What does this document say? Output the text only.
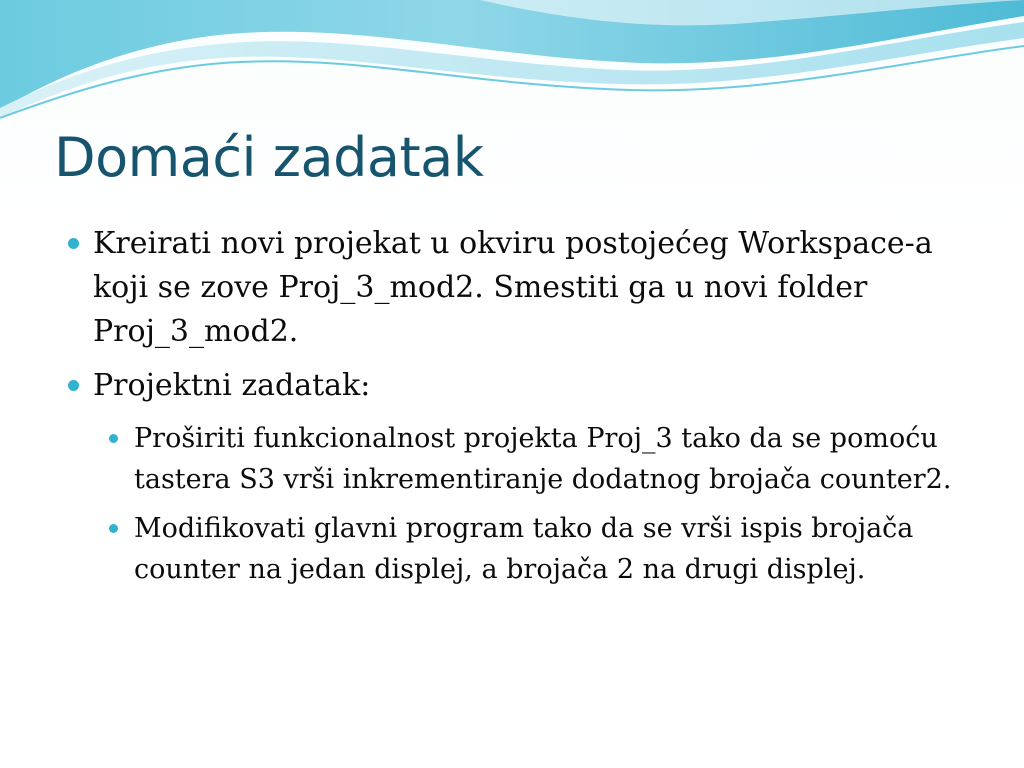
Domaći zadatak
Kreirati novi projekat u okviru postojećeg Workspace-a koji se zove Proj_3_mod2. Smestiti ga u novi folder Proj_3_mod2.
Projektni zadatak:
Proširiti funkcionalnost projekta Proj_3 tako da se pomoću tastera S3 vrši inkrementiranje dodatnog brojača counter2.
Modifikovati glavni program tako da se vrši ispis brojača counter na jedan displej, a brojača 2 na drugi displej.
